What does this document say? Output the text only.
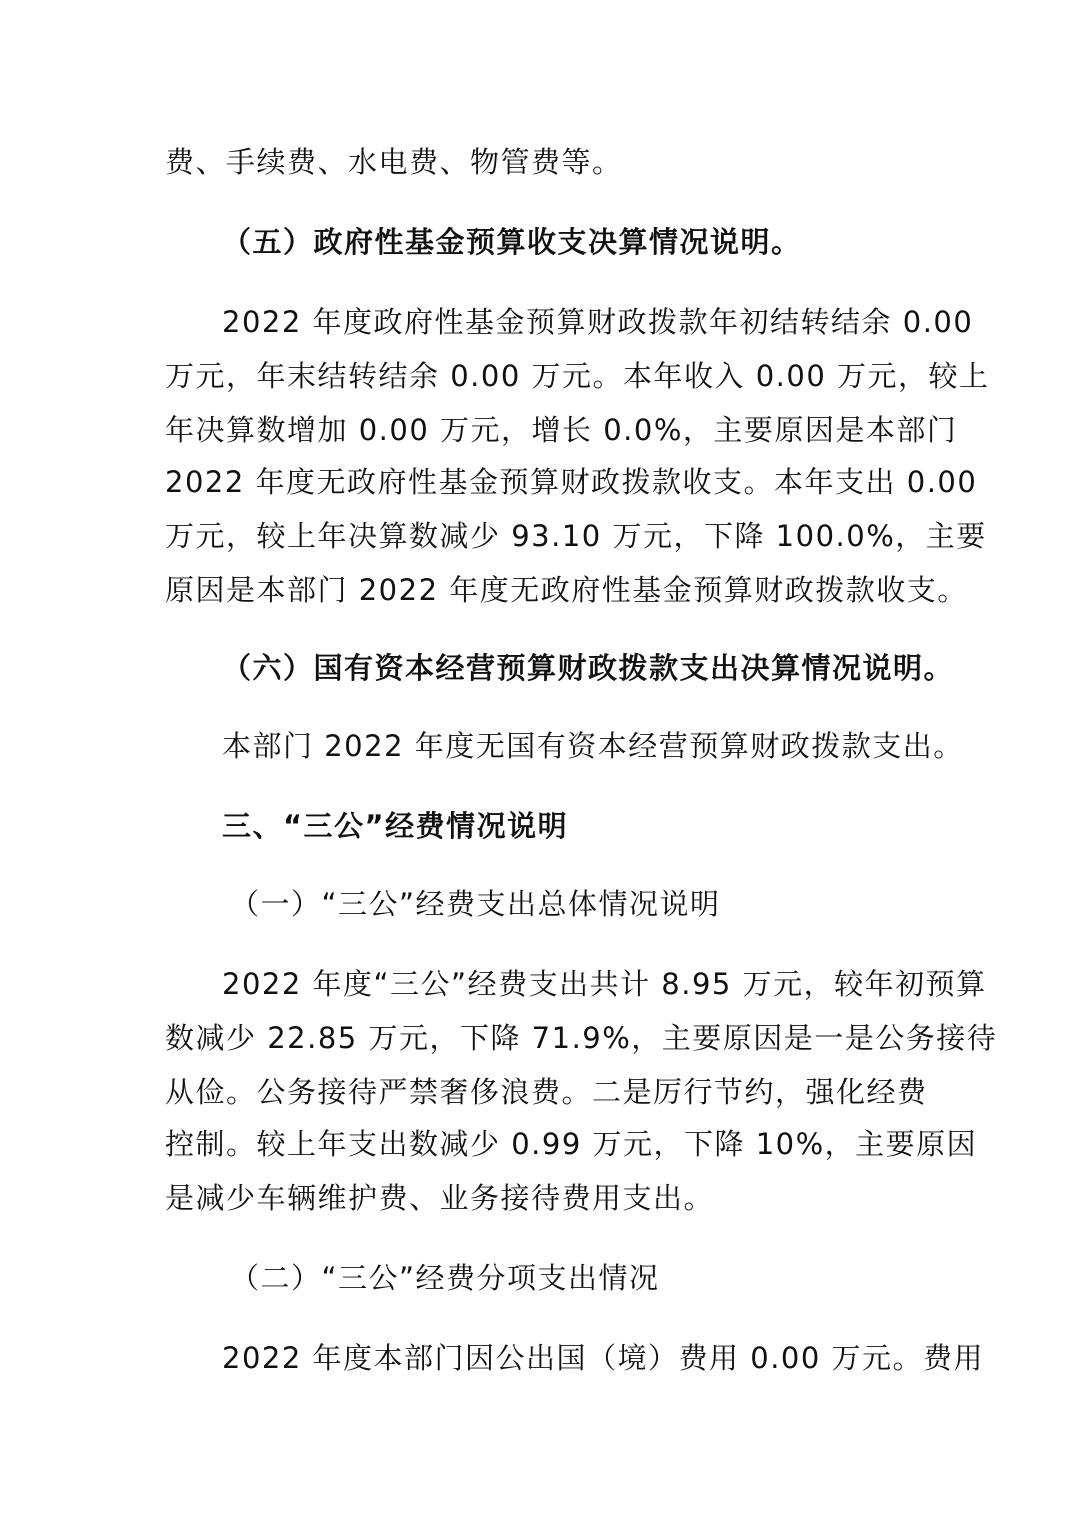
费、手续费、水电费、物管费等。
（五）政府性基金预算收支决算情况说明。
2022 年度政府性基金预算财政拨款年初结转结余 0.00
万元，年末结转结余 0.00 万元。本年收入 0.00 万元，较上
年决算数增加 0.00 万元，增长 0.0%，主要原因是本部门
2022 年度无政府性基金预算财政拨款收支。本年支出 0.00
万元，较上年决算数减少 93.10 万元，下降 100.0%，主要
原因是本部门 2022 年度无政府性基金预算财政拨款收支。
（六）国有资本经营预算财政拨款支出决算情况说明。
本部门 2022 年度无国有资本经营预算财政拨款支出。
三、“三公”经费情况说明
（一）“三公”经费支出总体情况说明
2022 年度“三公”经费支出共计 8.95 万元，较年初预算
数减少 22.85 万元，下降 71.9%，主要原因是一是公务接待
从俭。公务接待严禁奢侈浪费。二是厉行节约，强化经费
控制。较上年支出数减少 0.99 万元，下降 10%，主要原因
是减少车辆维护费、业务接待费用支出。
（二）“三公”经费分项支出情况
2022 年度本部门因公出国（境）费用 0.00 万元。费用
